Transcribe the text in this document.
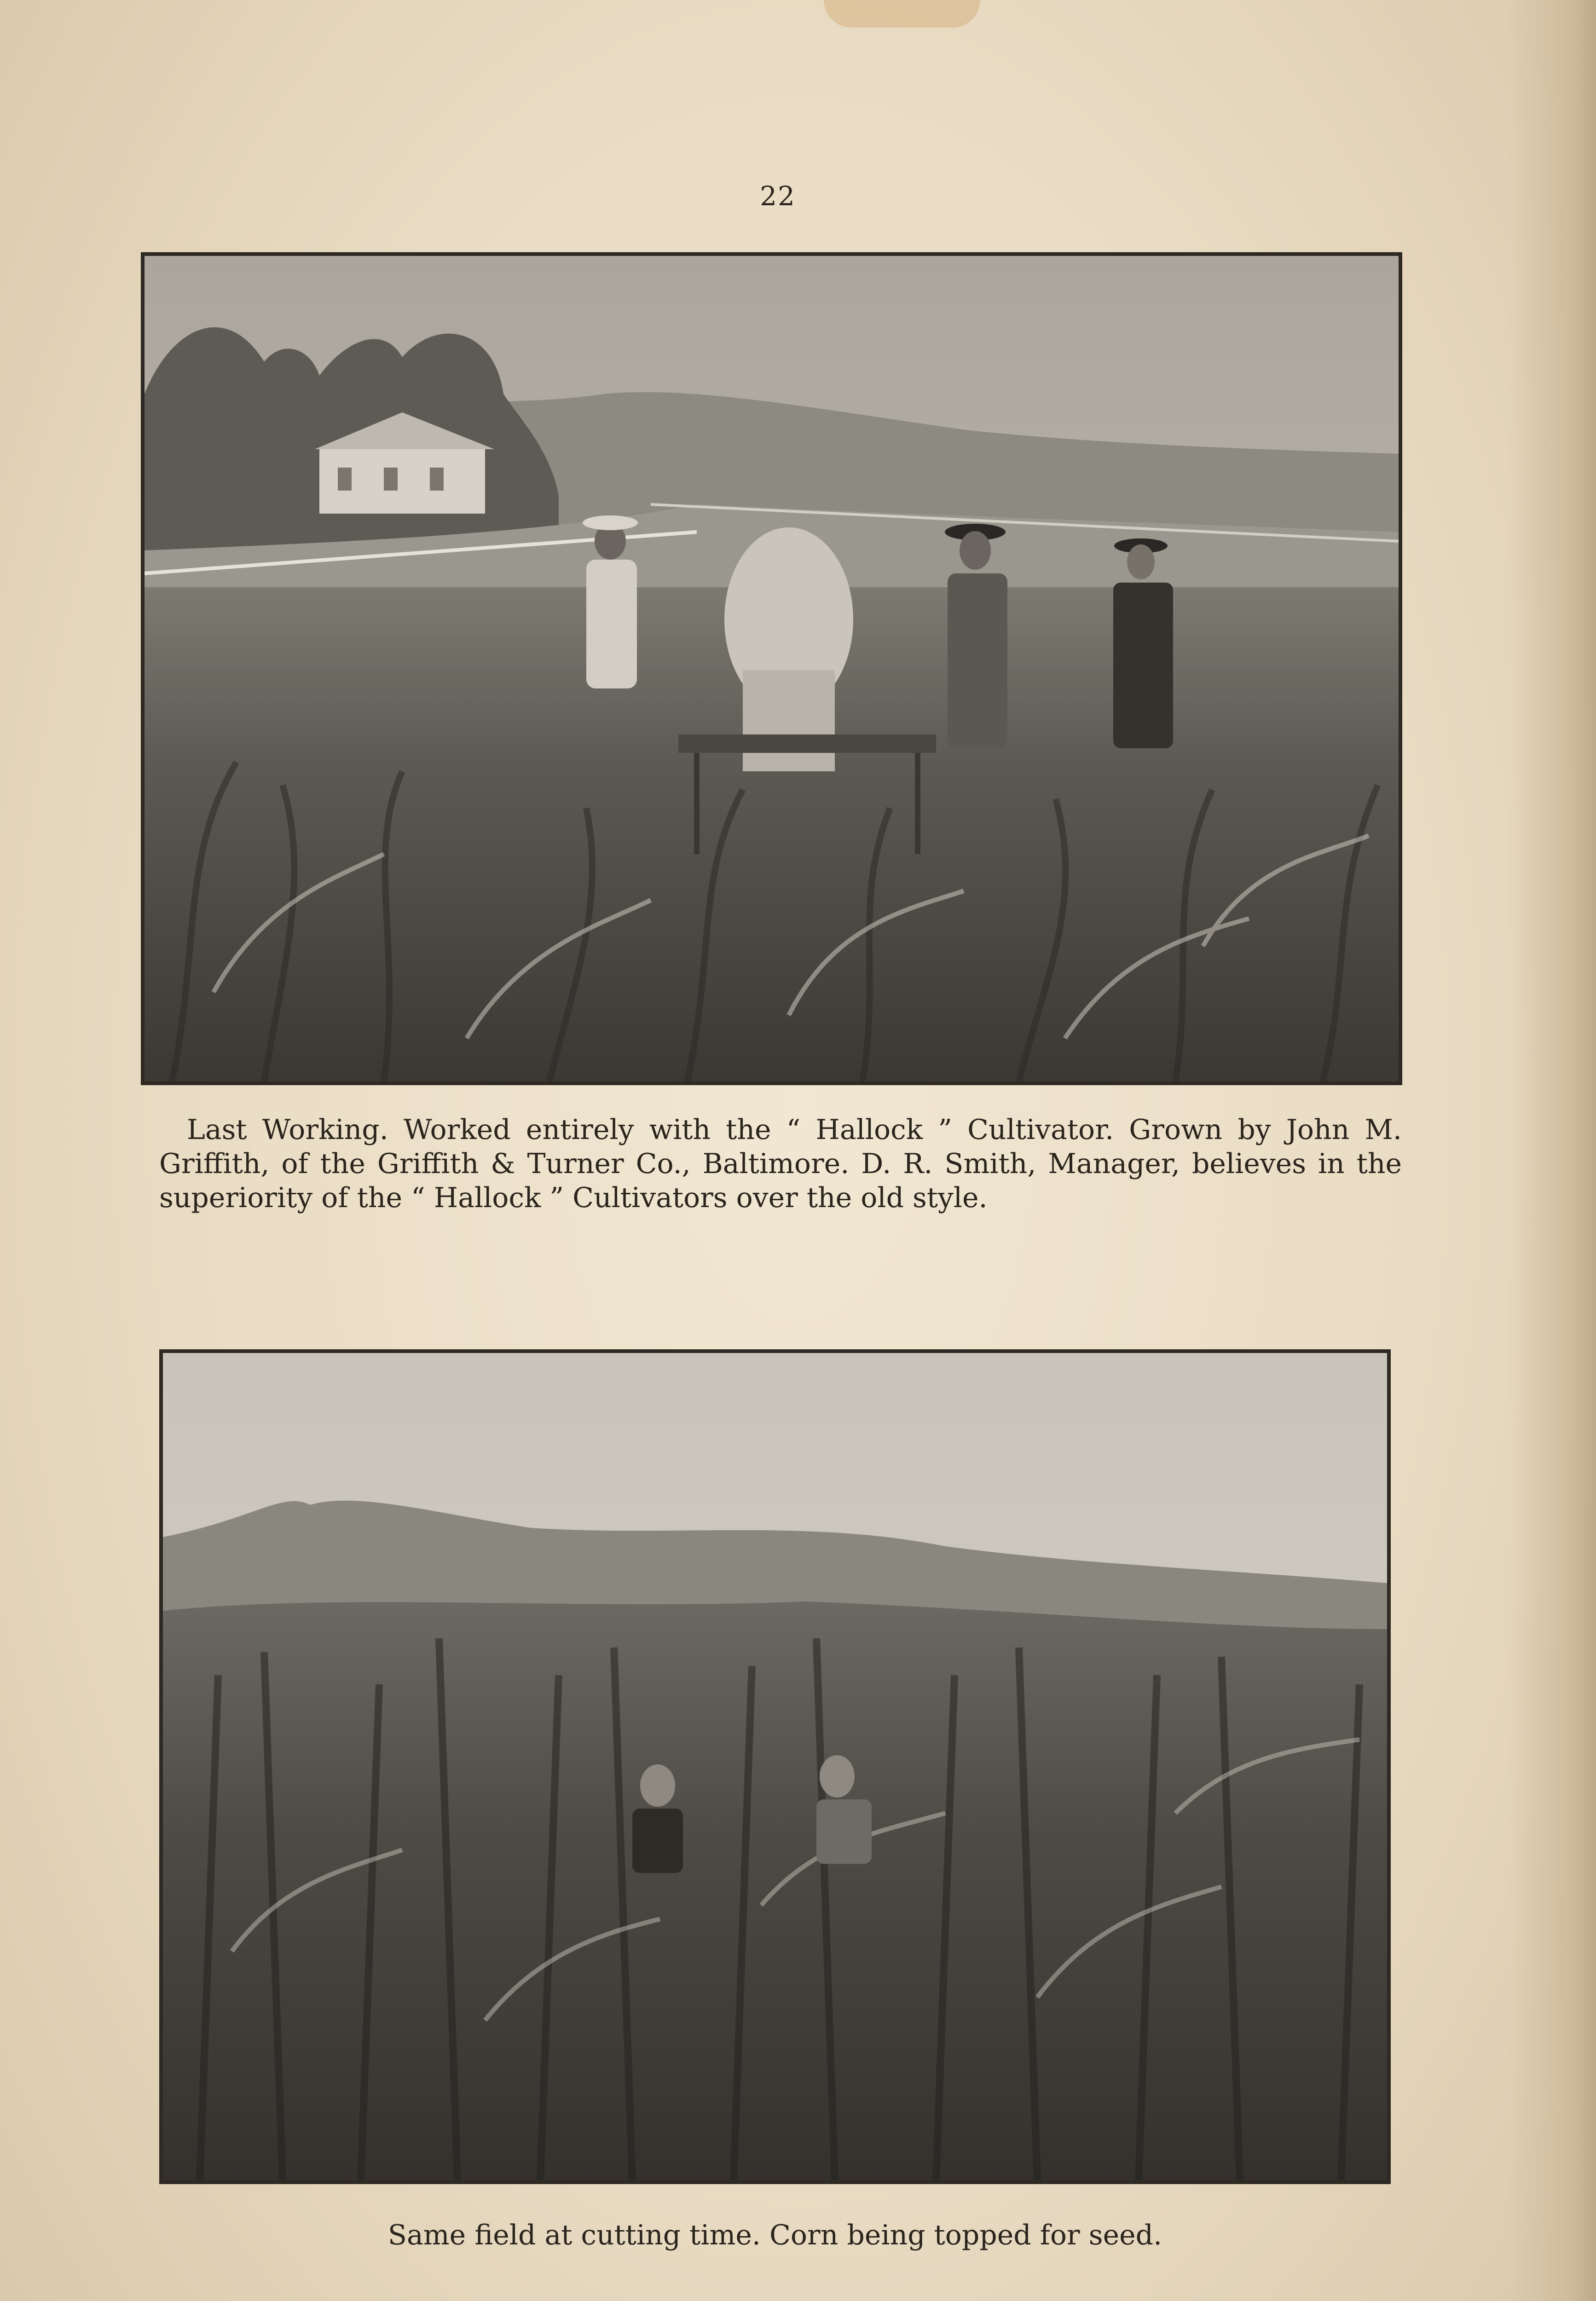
22
Last Working. Worked entirely with the “ Hallock ” Cultivator. Grown by John M. Griffith, of the Griffith & Turner Co., Baltimore. D. R. Smith, Manager, believes in the superiority of the “ Hallock ” Cultivators over the old style.
Same field at cutting time. Corn being topped for seed.
